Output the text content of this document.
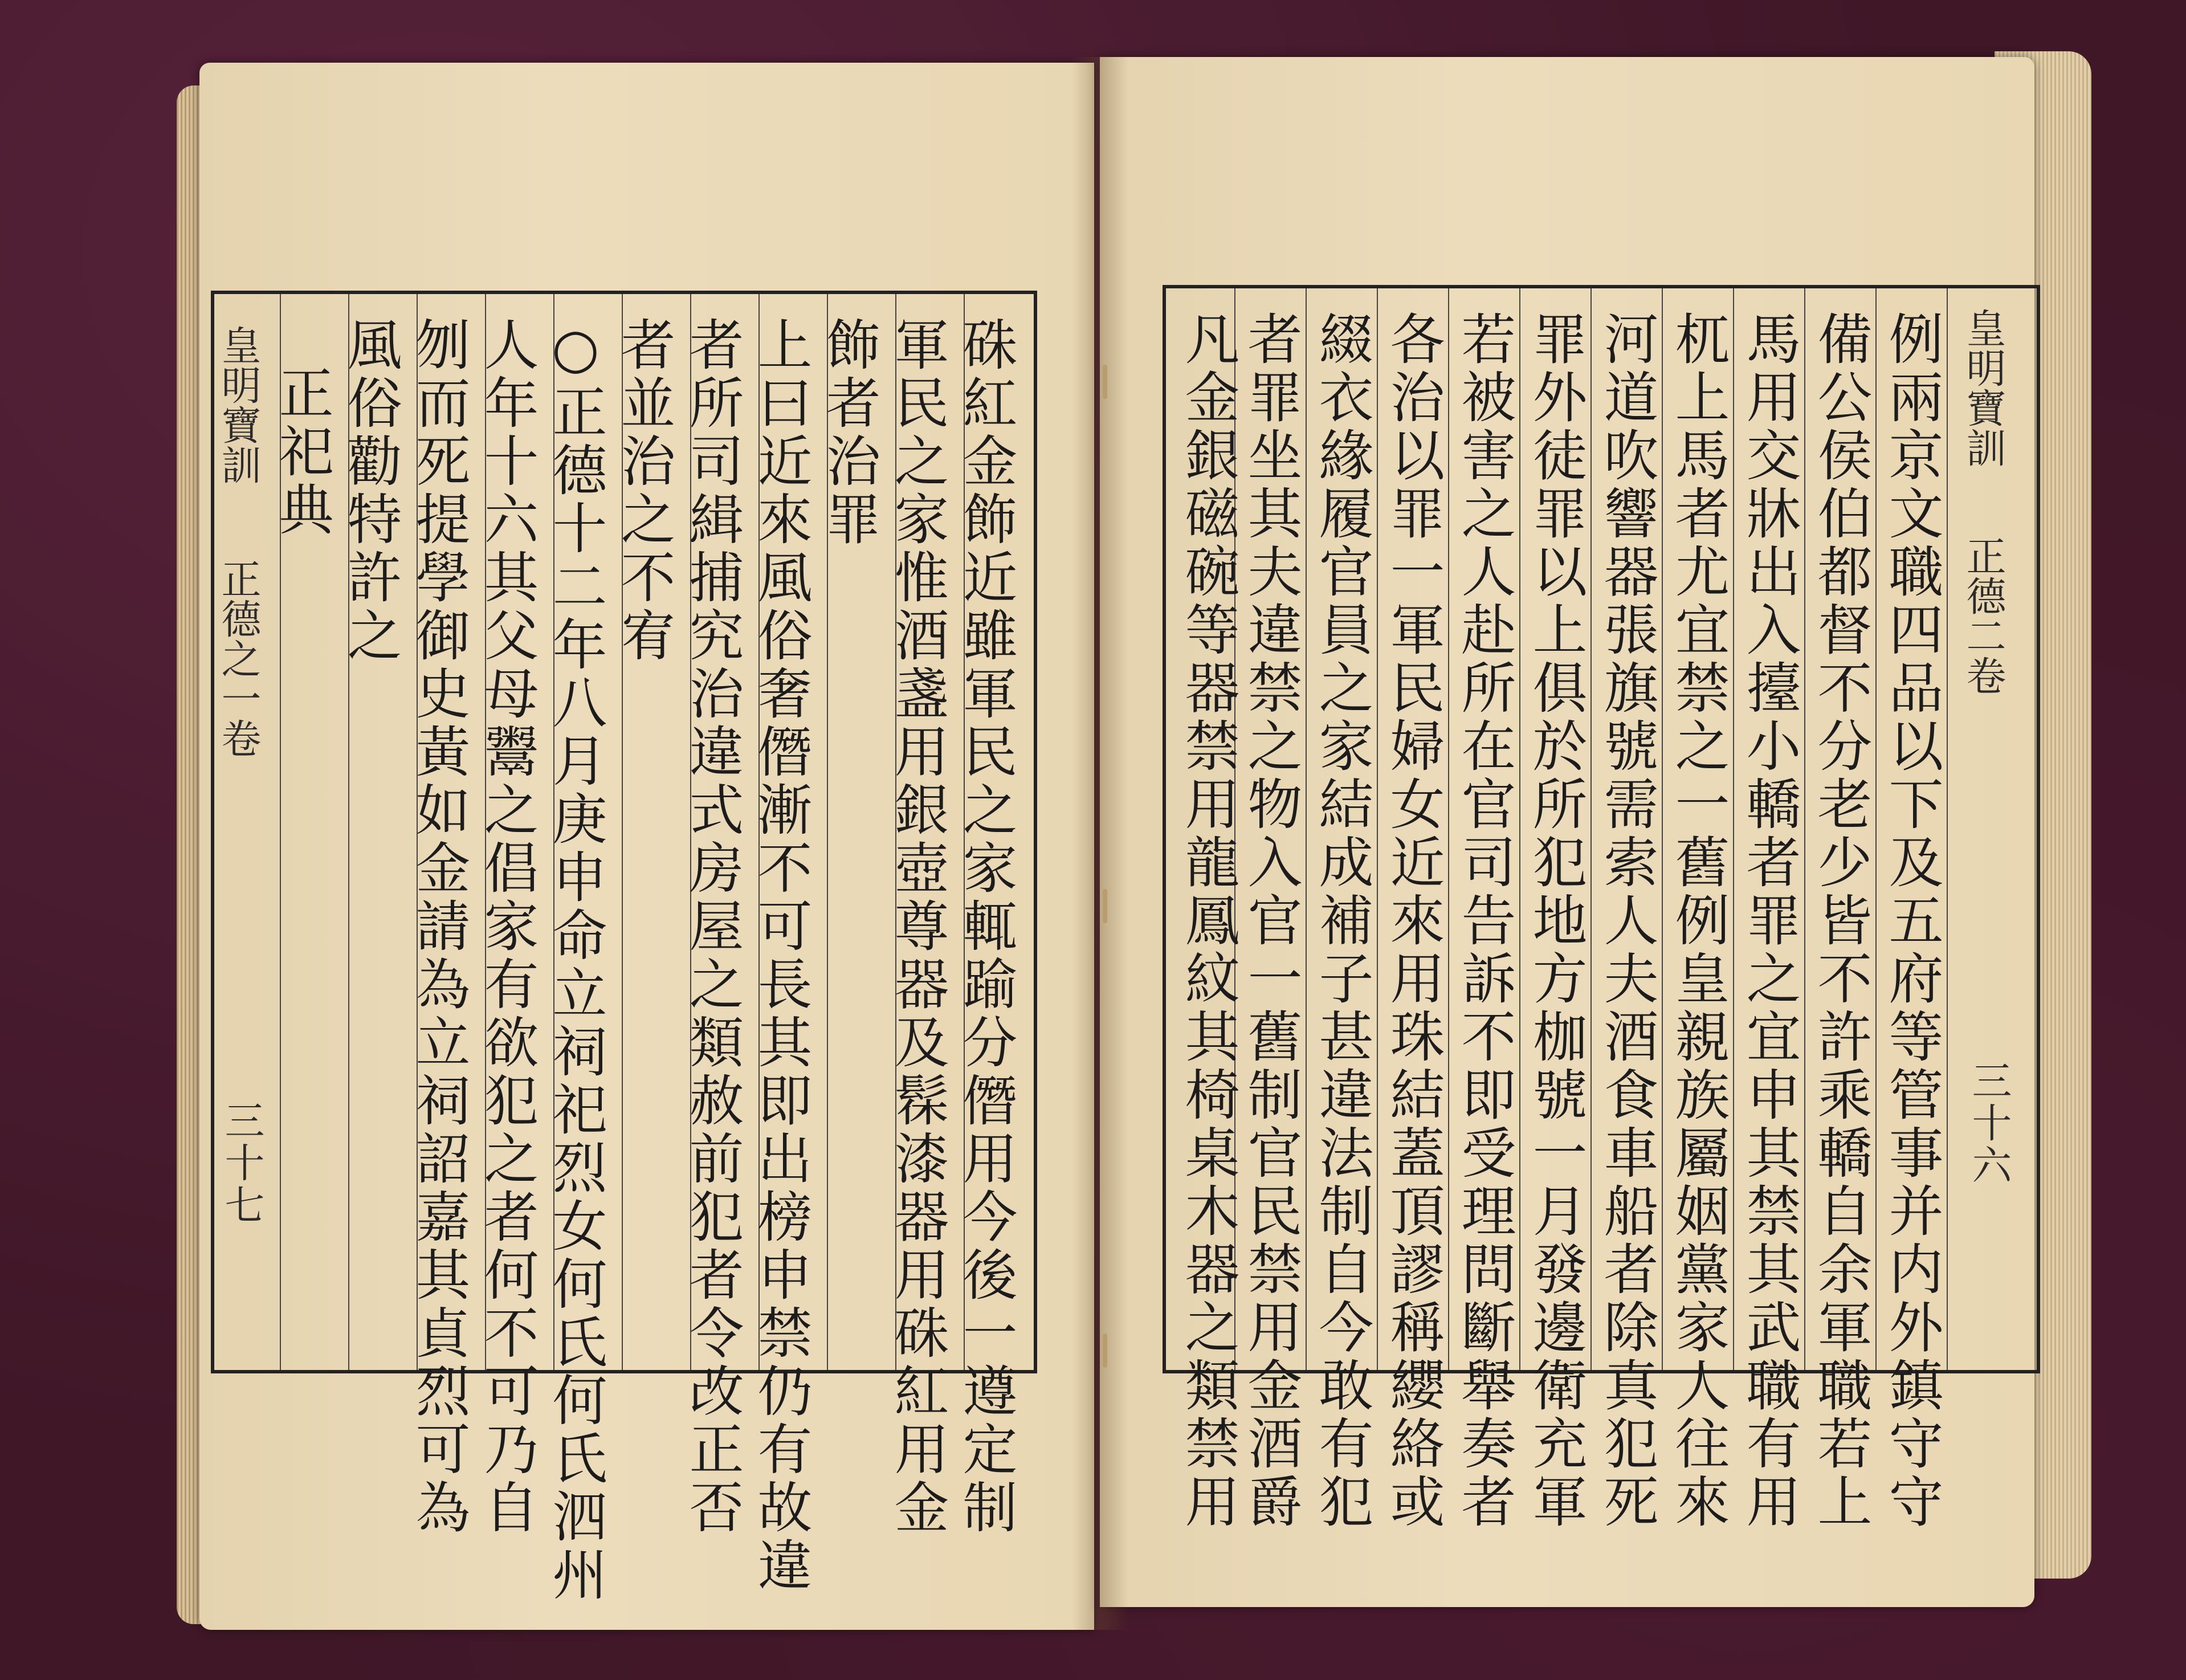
硃紅金飾近雖軍民之家輒踰分僭用今後一遵定制
軍民之家惟酒盞用銀壺尊器及髹漆器用硃紅用金
飾者治罪
上曰近來風俗奢僭漸不可長其即出榜申禁仍有故違
者所司緝捕究治違式房屋之類赦前犯者令改正否
者並治之不宥
○正德十二年八月庚申命立祠祀烈女何氏何氏泗州
人年十六其父母鬻之倡家有欲犯之者何不可乃自
刎而死提學御史黃如金請為立祠詔嘉其貞烈可為
風俗勸特許之
正祀典
皇明寶訓
正德之一卷
三十七	例兩京文職四品以下及五府等管事并内外鎮守守
備公侯伯都督不分老少皆不許乘轎自余軍職若上
馬用交牀出入擡小轎者罪之宜申其禁其武職有用
杌上馬者尤宜禁之一舊例皇親族屬姻黨家人往來
河道吹響器張旗號需索人夫酒食車船者除真犯死
罪外徒罪以上俱於所犯地方枷號一月發邊衛充軍
若被害之人赴所在官司告訴不即受理問斷舉奏者
各治以罪一軍民婦女近來用珠結蓋頂謬稱纓絡或
綴衣緣履官員之家結成補子甚違法制自今敢有犯
者罪坐其夫違禁之物入官一舊制官民禁用金酒爵
凡金銀磁碗等器禁用龍鳳紋其椅桌木器之類禁用	皇明寶訓
正德二卷
三十六
